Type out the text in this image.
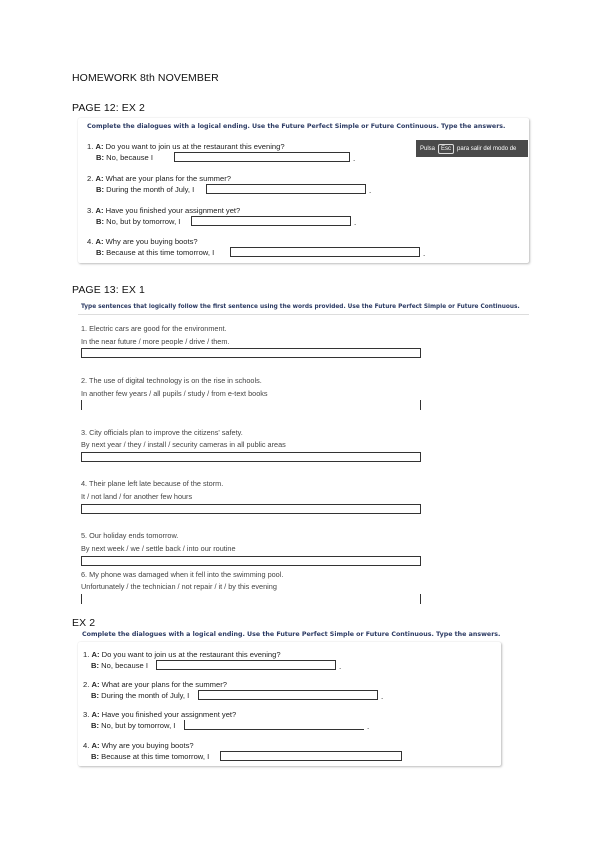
HOMEWORK 8th NOVEMBER
PAGE 12: EX 2
Complete the dialogues with a logical ending. Use the Future Perfect Simple or Future Continuous. Type the answers.
1. A: Do you want to join us at the restaurant this evening?
B: No, because I	.
2. A: What are your plans for the summer?
B: During the month of July, I	.
3. A: Have you finished your assignment yet?
B: No, but by tomorrow, I	.
4. A: Why are you buying boots?
B: Because at this time tomorrow, I	.
Pulsa	Esc	para salir del modo de
PAGE 13: EX 1
Type sentences that logically follow the first sentence using the words provided. Use the Future Perfect Simple or Future Continuous.
1. Electric cars are good for the environment.
In the near future / more people / drive / them.
2. The use of digital technology is on the rise in schools.
In another few years / all pupils / study / from e-text books
3. City officials plan to improve the citizens' safety.
By next year / they / install / security cameras in all public areas
4. Their plane left late because of the storm.
It / not land / for another few hours
5. Our holiday ends tomorrow.
By next week / we / settle back / into our routine
6. My phone was damaged when it fell into the swimming pool.
Unfortunately / the technician / not repair / it / by this evening
EX 2
Complete the dialogues with a logical ending. Use the Future Perfect Simple or Future Continuous. Type the answers.
1. A: Do you want to join us at the restaurant this evening?
B: No, because I	.
2. A: What are your plans for the summer?
B: During the month of July, I	.
3. A: Have you finished your assignment yet?
B: No, but by tomorrow, I	.
4. A: Why are you buying boots?
B: Because at this time tomorrow, I
